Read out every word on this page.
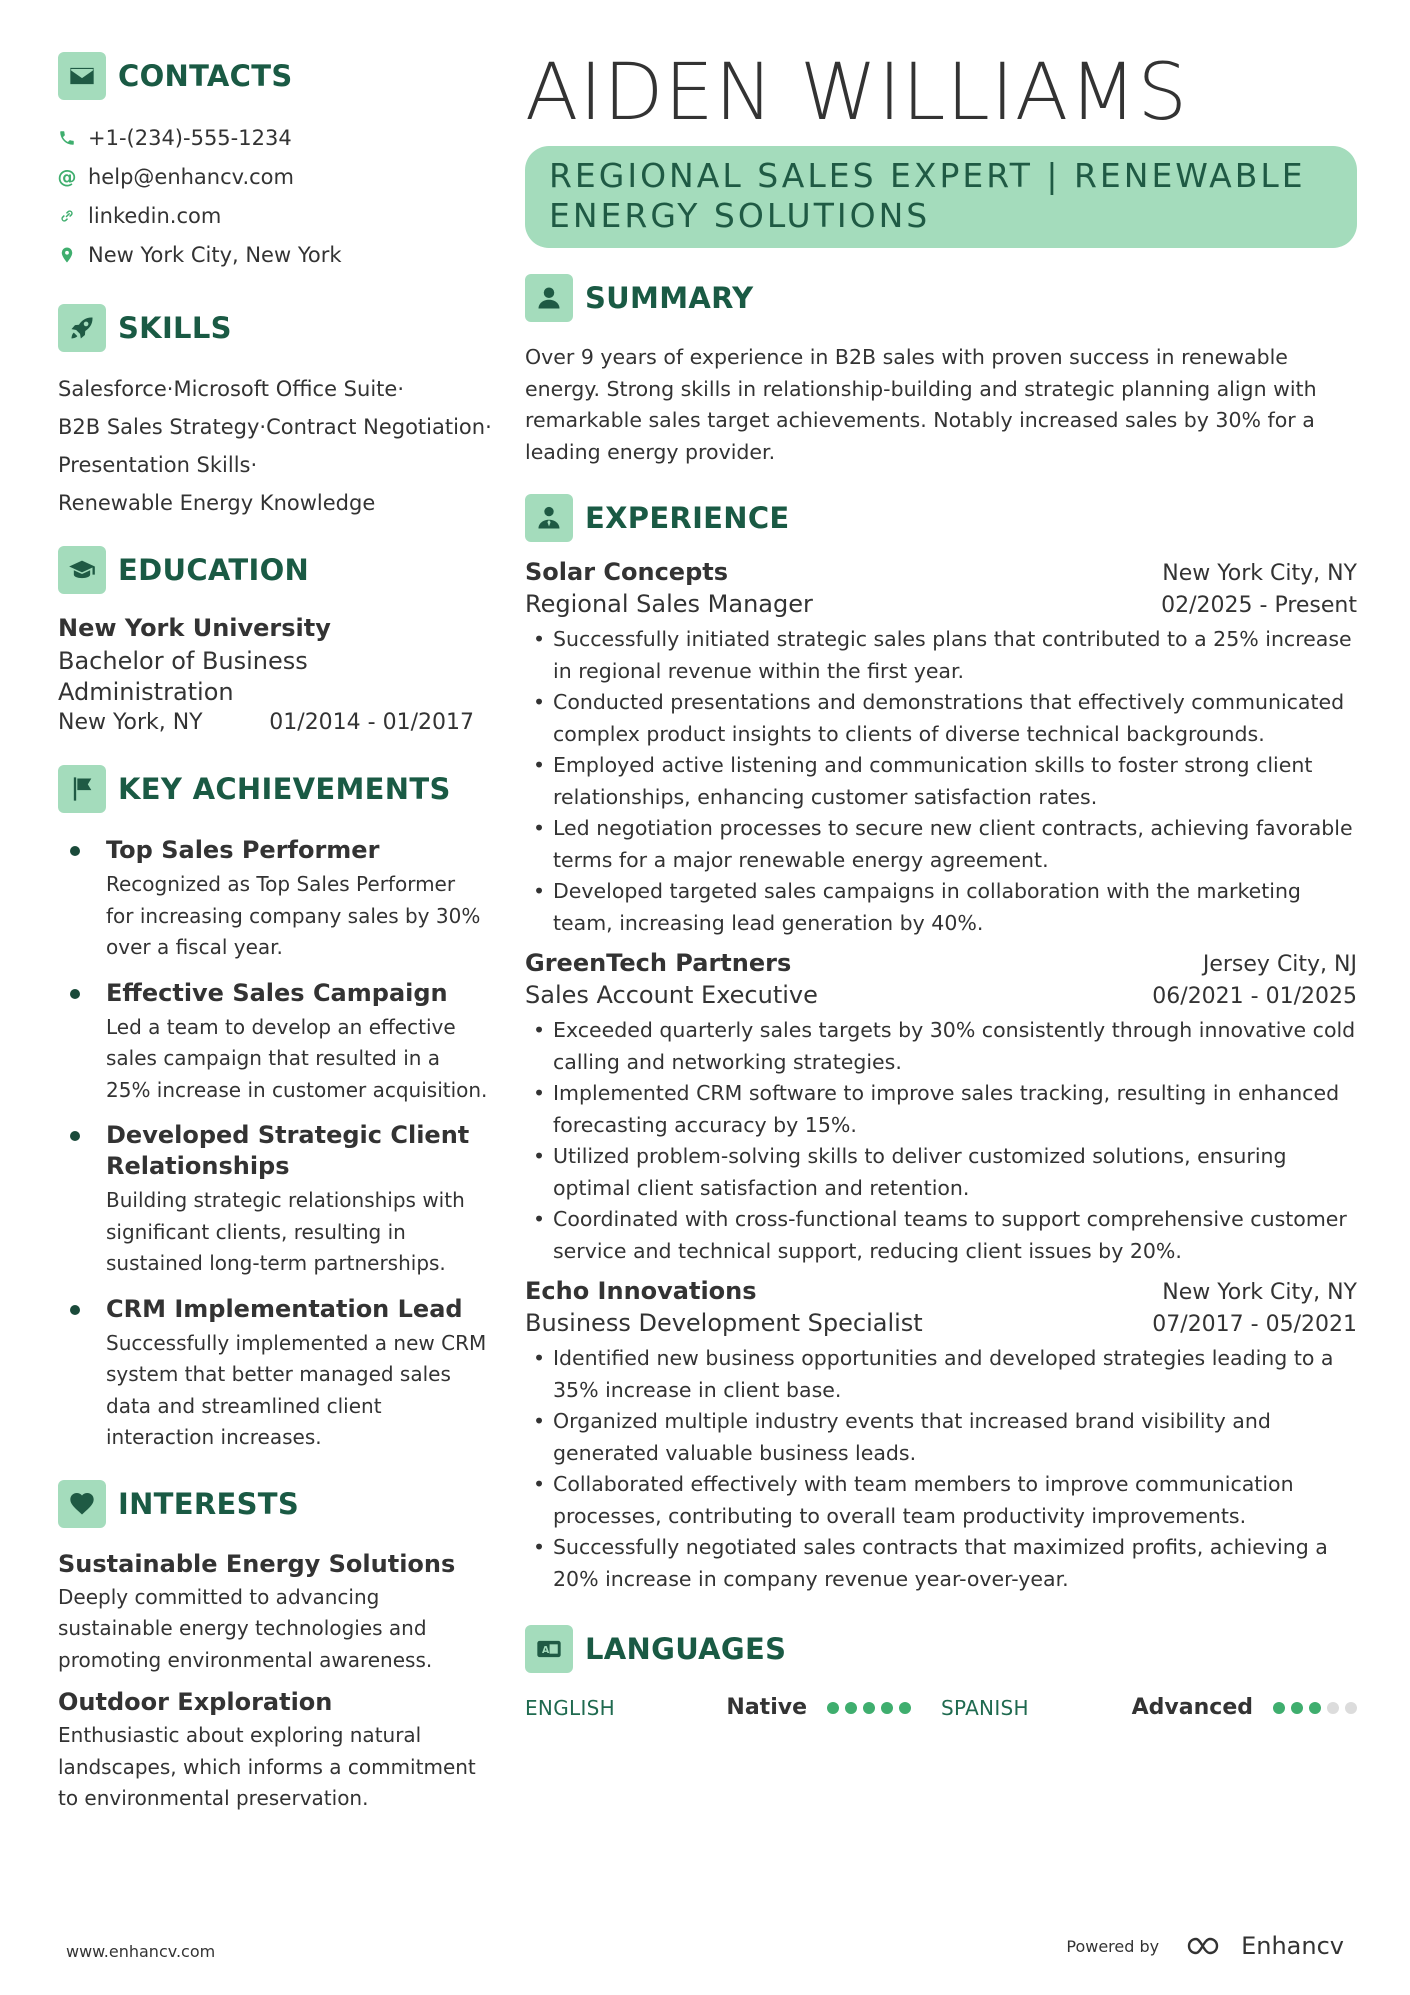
CONTACTS
+1-(234)-555-1234
@ help@enhancv.com
linkedin.com
New York City, New York
SKILLS
Salesforce·Microsoft Office Suite·
B2B Sales Strategy·Contract Negotiation·
Presentation Skills·
Renewable Energy Knowledge
EDUCATION
New York University
Bachelor of Business Administration
New York, NY	01/2014 - 01/2017
KEY ACHIEVEMENTS
Top Sales Performer
Recognized as Top Sales Performer for increasing company sales by 30% over a fiscal year.
Effective Sales Campaign
Led a team to develop an effective sales campaign that resulted in a 25% increase in customer acquisition.
Developed Strategic Client Relationships
Building strategic relationships with significant clients, resulting in sustained long-term partnerships.
CRM Implementation Lead
Successfully implemented a new CRM system that better managed sales data and streamlined client interaction increases.
INTERESTS
Sustainable Energy Solutions
Deeply committed to advancing sustainable energy technologies and promoting environmental awareness.
Outdoor Exploration
Enthusiastic about exploring natural landscapes, which informs a commitment to environmental preservation.
AIDEN WILLIAMS
REGIONAL SALES EXPERT | RENEWABLE ENERGY SOLUTIONS
SUMMARY
Over 9 years of experience in B2B sales with proven success in renewable energy. Strong skills in relationship-building and strategic planning align with remarkable sales target achievements. Notably increased sales by 30% for a leading energy provider.
EXPERIENCE
Solar Concepts	New York City, NY
Regional Sales Manager	02/2025 - Present
• Successfully initiated strategic sales plans that contributed to a 25% increase in regional revenue within the first year.
• Conducted presentations and demonstrations that effectively communicated complex product insights to clients of diverse technical backgrounds.
• Employed active listening and communication skills to foster strong client relationships, enhancing customer satisfaction rates.
• Led negotiation processes to secure new client contracts, achieving favorable terms for a major renewable energy agreement.
• Developed targeted sales campaigns in collaboration with the marketing team, increasing lead generation by 40%.
GreenTech Partners	Jersey City, NJ
Sales Account Executive	06/2021 - 01/2025
• Exceeded quarterly sales targets by 30% consistently through innovative cold calling and networking strategies.
• Implemented CRM software to improve sales tracking, resulting in enhanced forecasting accuracy by 15%.
• Utilized problem-solving skills to deliver customized solutions, ensuring optimal client satisfaction and retention.
• Coordinated with cross-functional teams to support comprehensive customer service and technical support, reducing client issues by 20%.
Echo Innovations	New York City, NY
Business Development Specialist	07/2017 - 05/2021
• Identified new business opportunities and developed strategies leading to a 35% increase in client base.
• Organized multiple industry events that increased brand visibility and generated valuable business leads.
• Collaborated effectively with team members to improve communication processes, contributing to overall team productivity improvements.
• Successfully negotiated sales contracts that maximized profits, achieving a 20% increase in company revenue year-over-year.
A LANGUAGES
ENGLISH	Native	SPANISH	Advanced
www.enhancv.com	Powered by	Enhancv
